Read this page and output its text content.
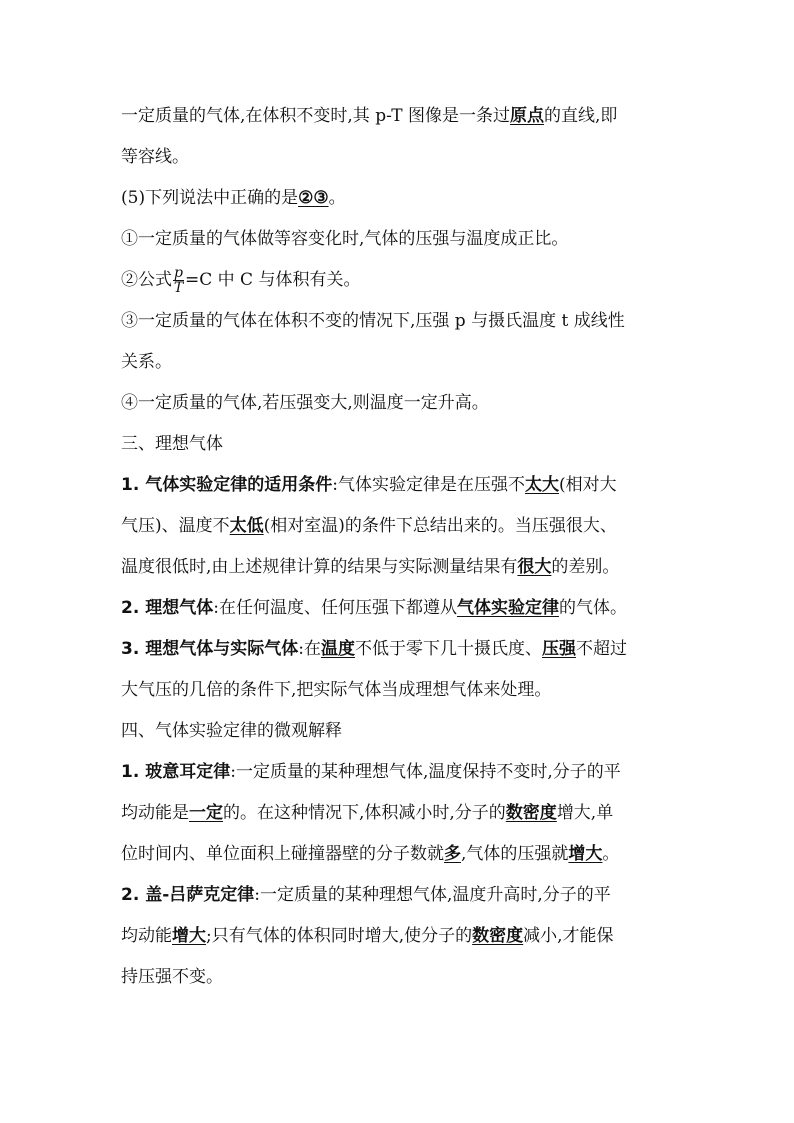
一定质量的气体,在体积不变时,其 p-T 图像是一条过原点的直线,即
等容线。
(5)下列说法中正确的是②③。
①一定质量的气体做等容变化时,气体的压强与温度成正比。
②公式 $\frac{p}{T} =C$ 中 C 与体积有关。
③一定质量的气体在体积不变的情况下,压强 p 与摄氏温度 t 成线性
关系。
④一定质量的气体,若压强变大,则温度一定升高。
三、理想气体
1. 气体实验定律的适用条件:气体实验定律是在压强不太大(相对大
气压)、温度不太低(相对室温)的条件下总结出来的。当压强很大、
温度很低时,由上述规律计算的结果与实际测量结果有很大的差别。
2. 理想气体:在任何温度、任何压强下都遵从气体实验定律的气体。
3. 理想气体与实际气体:在温度不低于零下几十摄氏度、压强不超过
大气压的几倍的条件下,把实际气体当成理想气体来处理。
四、气体实验定律的微观解释
1. 玻意耳定律:一定质量的某种理想气体,温度保持不变时,分子的平
均动能是一定的。在这种情况下,体积减小时,分子的数密度增大,单
位时间内、单位面积上碰撞器壁的分子数就多,气体的压强就增大。
2. 盖-吕萨克定律:一定质量的某种理想气体,温度升高时,分子的平
均动能增大;只有气体的体积同时增大,使分子的数密度减小,才能保
持压强不变。
